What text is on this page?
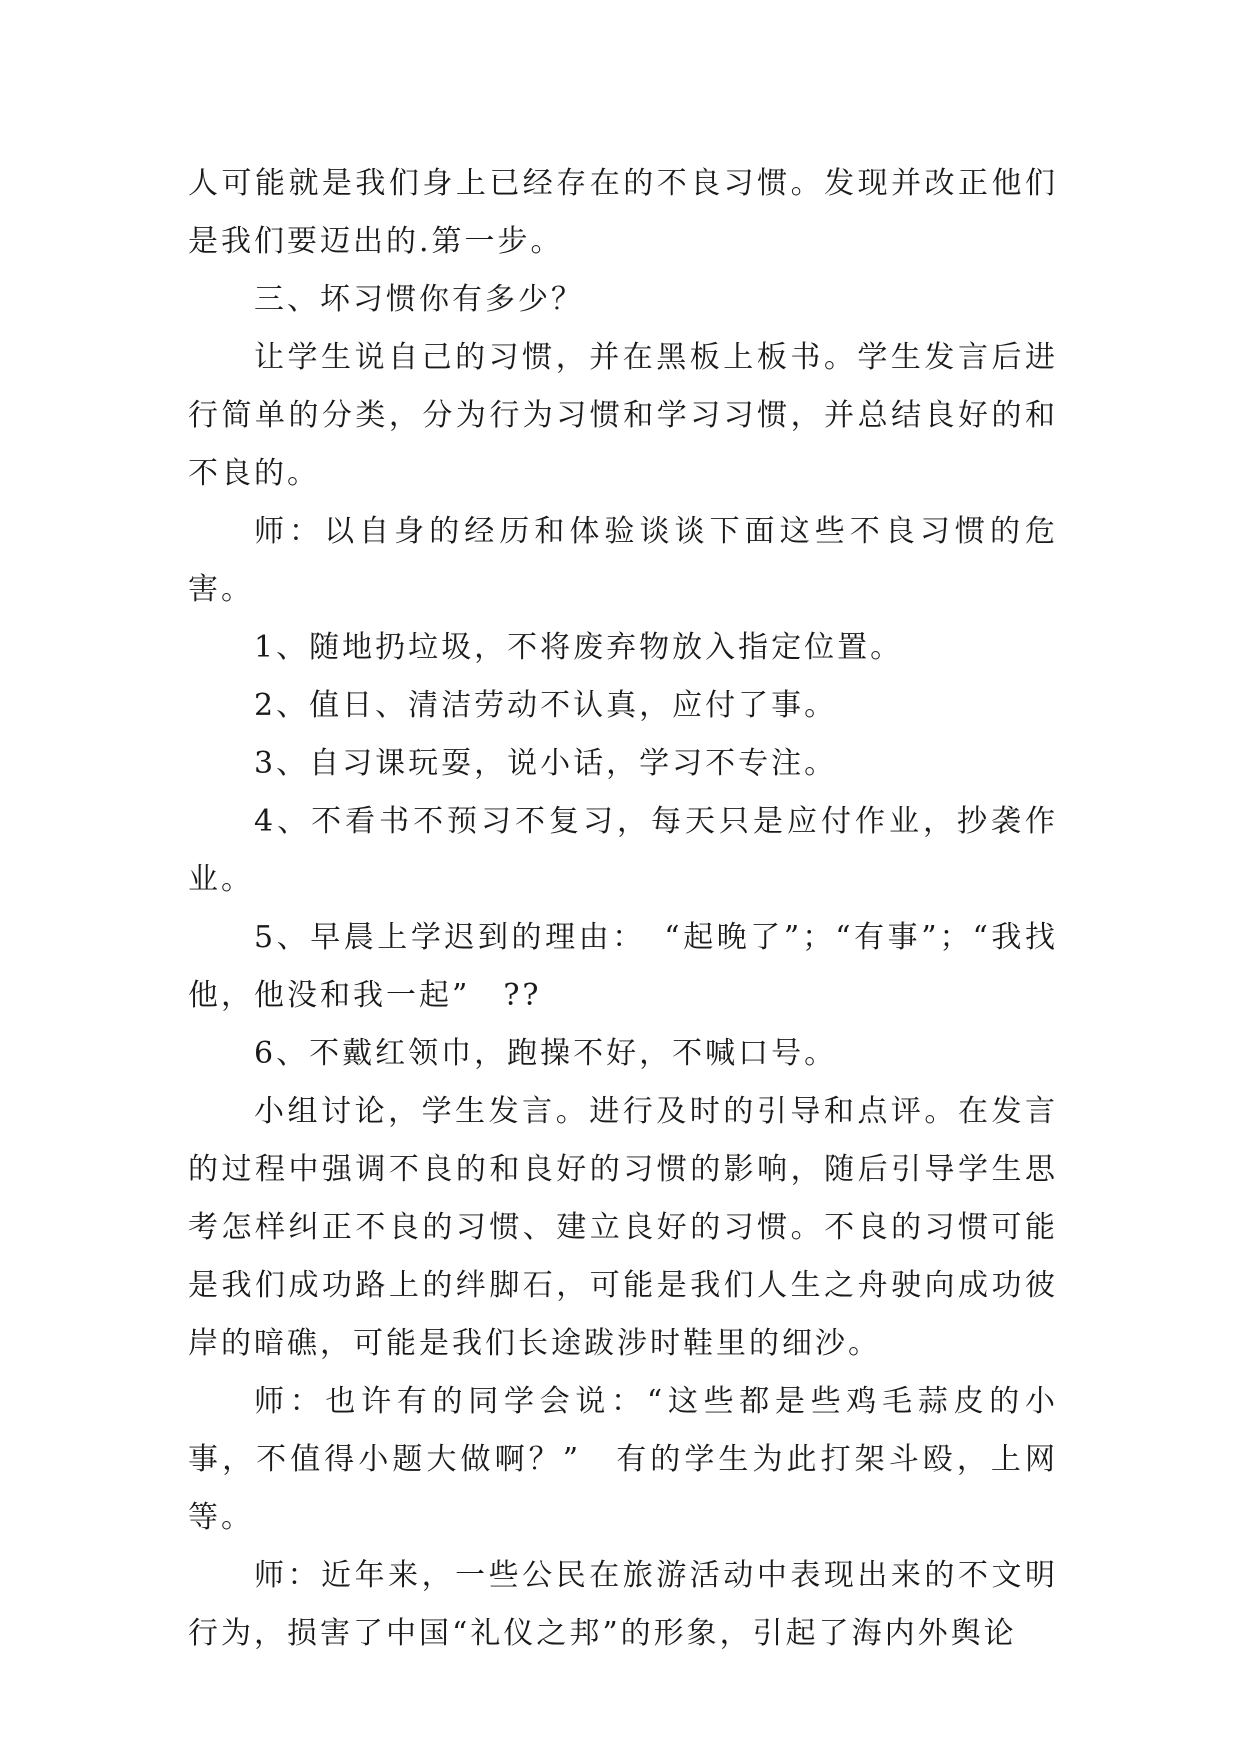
人可能就是我们身上已经存在的不良习惯。发现并改正他们是我们要迈出的.第一步。

三、坏习惯你有多少？

让学生说自己的习惯，并在黑板上板书。学生发言后进行简单的分类，分为行为习惯和学习习惯，并总结良好的和不良的。

师：以自身的经历和体验谈谈下面这些不良习惯的危害。

1、随地扔垃圾，不将废弃物放入指定位置。

2、值日、清洁劳动不认真，应付了事。

3、自习课玩耍，说小话，学习不专注。

4、不看书不预习不复习，每天只是应付作业，抄袭作业。

5、早晨上学迟到的理由：　“起晚了”；“有事”；“我找他，他没和我一起”　??

6、不戴红领巾，跑操不好，不喊口号。

小组讨论，学生发言。进行及时的引导和点评。在发言的过程中强调不良的和良好的习惯的影响，随后引导学生思考怎样纠正不良的习惯、建立良好的习惯。不良的习惯可能是我们成功路上的绊脚石，可能是我们人生之舟驶向成功彼岸的暗礁，可能是我们长途跋涉时鞋里的细沙。

师：也许有的同学会说：“这些都是些鸡毛蒜皮的小事，不值得小题大做啊？”　有的学生为此打架斗殴，上网等。

师：近年来，一些公民在旅游活动中表现出来的不文明行为，损害了中国“礼仪之邦”的形象，引起了海内外舆论
